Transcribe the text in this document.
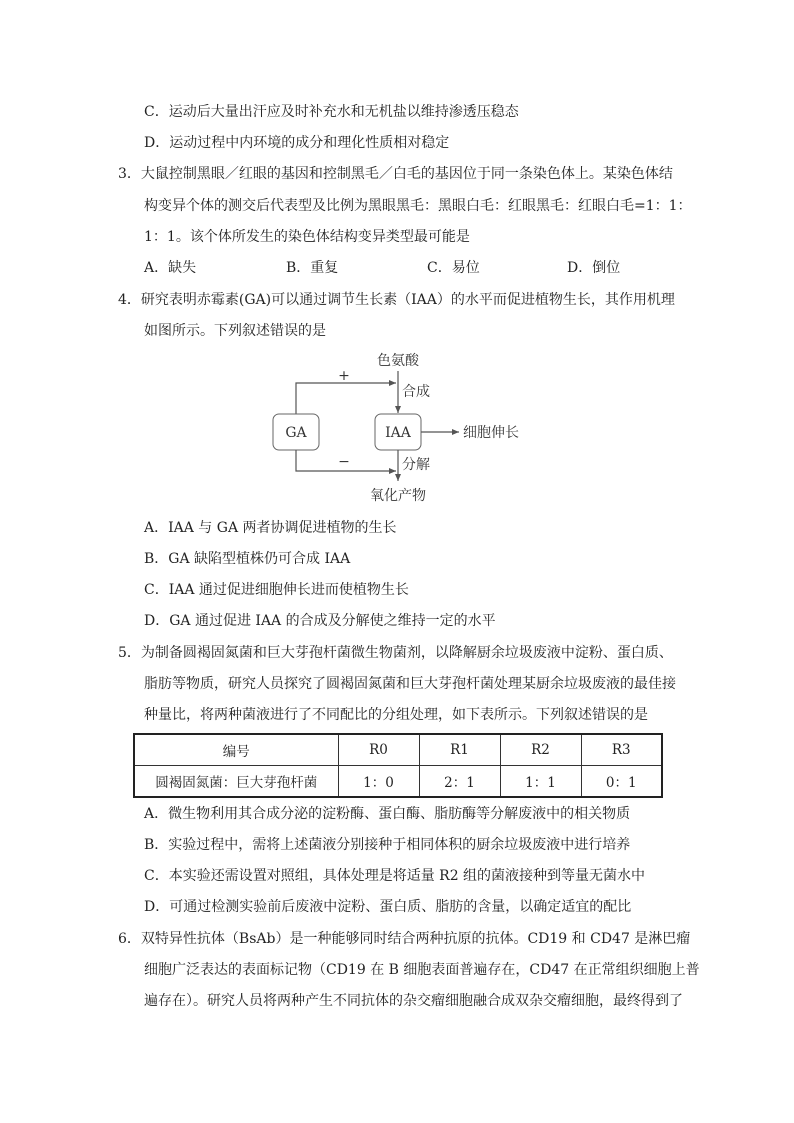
C．运动后大量出汗应及时补充水和无机盐以维持渗透压稳态
D．运动过程中内环境的成分和理化性质相对稳定
3．大鼠控制黑眼／红眼的基因和控制黑毛／白毛的基因位于同一条染色体上。某染色体结
构变异个体的测交后代表型及比例为黑眼黑毛：黑眼白毛：红眼黑毛：红眼白毛=1：1：
1：1。该个体所发生的染色体结构变异类型最可能是
A．缺失	B．重复	C．易位	D．倒位
4．研究表明赤霉素(GA)可以通过调节生长素（IAA）的水平而促进植物生长，其作用机理
如图所示。下列叙述错误的是
色氨酸
合成
+
GA	IAA	细胞伸长
−	分解
氧化产物
A．IAA 与 GA 两者协调促进植物的生长
B．GA 缺陷型植株仍可合成 IAA
C．IAA 通过促进细胞伸长进而使植物生长
D．GA 通过促进 IAA 的合成及分解使之维持一定的水平
5．为制备圆褐固氮菌和巨大芽孢杆菌微生物菌剂，以降解厨余垃圾废液中淀粉、蛋白质、
脂肪等物质，研究人员探究了圆褐固氮菌和巨大芽孢杆菌处理某厨余垃圾废液的最佳接
种量比，将两种菌液进行了不同配比的分组处理，如下表所示。下列叙述错误的是
编号	R0	R1	R2	R3
圆褐固氮菌：巨大芽孢杆菌	1：0	2：1	1：1	0：1
A．微生物利用其合成分泌的淀粉酶、蛋白酶、脂肪酶等分解废液中的相关物质
B．实验过程中，需将上述菌液分别接种于相同体积的厨余垃圾废液中进行培养
C．本实验还需设置对照组，具体处理是将适量 R2 组的菌液接种到等量无菌水中
D．可通过检测实验前后废液中淀粉、蛋白质、脂肪的含量，以确定适宜的配比
6．双特异性抗体（BsAb）是一种能够同时结合两种抗原的抗体。CD19 和 CD47 是淋巴瘤
细胞广泛表达的表面标记物（CD19 在 B 细胞表面普遍存在，CD47 在正常组织细胞上普
遍存在）。研究人员将两种产生不同抗体的杂交瘤细胞融合成双杂交瘤细胞，最终得到了
